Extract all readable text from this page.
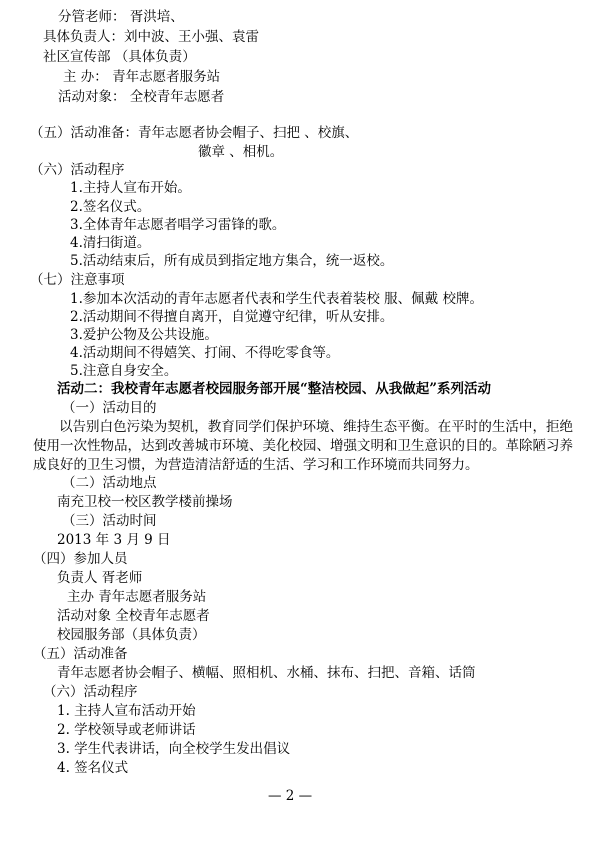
分管老师： 胥洪培、
具体负责人：刘中波、王小强、袁雷
社区宣传部 （具体负责）
主 办： 青年志愿者服务站
活动对象： 全校青年志愿者
（五）活动准备：青年志愿者协会帽子、扫把 、校旗、
徽章 、相机。
（六）活动程序
1.主持人宣布开始。
2.签名仪式。
3.全体青年志愿者唱学习雷锋的歌。
4.清扫街道。
5.活动结束后，所有成员到指定地方集合，统一返校。
（七）注意事项
1.参加本次活动的青年志愿者代表和学生代表着装校 服、佩戴 校牌。
2.活动期间不得擅自离开，自觉遵守纪律，听从安排。
3.爱护公物及公共设施。
4.活动期间不得嬉笑、打闹、不得吃零食等。
5.注意自身安全。
活动二：我校青年志愿者校园服务部开展“整洁校园、从我做起”系列活动
（一）活动目的
以告别白色污染为契机，教育同学们保护环境、维持生态平衡。在平时的生活中，拒绝使用一次性物品，达到改善城市环境、美化校园、增强文明和卫生意识的目的。革除陋习养成良好的卫生习惯，为营造清洁舒适的生活、学习和工作环境而共同努力。
（二）活动地点
南充卫校一校区教学楼前操场
（三）活动时间
2013 年 3 月 9 日
（四）参加人员
负责人 胥老师
主办 青年志愿者服务站
活动对象 全校青年志愿者
校园服务部（具体负责）
（五）活动准备
青年志愿者协会帽子、横幅、照相机、水桶、抹布、扫把、音箱、话筒
（六）活动程序
1. 主持人宣布活动开始
2. 学校领导或老师讲话
3. 学生代表讲话，向全校学生发出倡议
4. 签名仪式
— 2 —
